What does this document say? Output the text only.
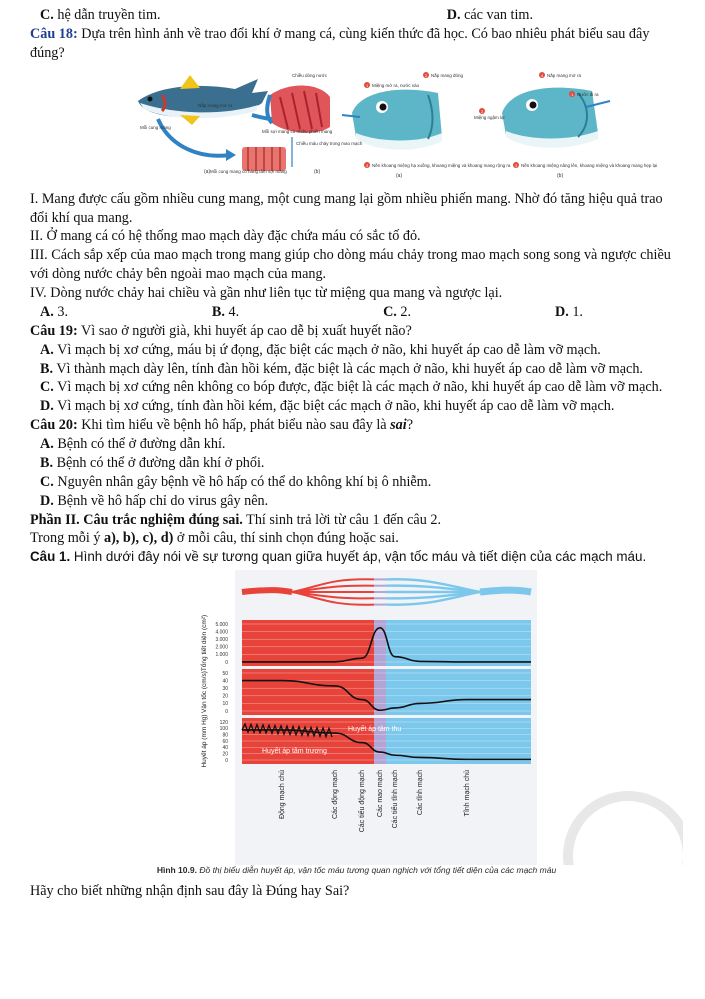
C. hệ dẫn truyền tim.	D. các van tim.
Câu 18: Dựa trên hình ảnh về trao đổi khí ở mang cá, cùng kiến thức đã học. Có bao nhiêu phát biểu sau đây đúng?
Chiều dòng nước
Nắp mang mở ra
Mỗi cung mang
Mỗi sợi mang có nhiều phiến mang
Chiều máu chảy trong mao mạch
Mỗi cung mang có hàng tấm sợi mang
(a)	(b)
2 Nắp mang đóng
1 Miệng mở ra, nước vào
3 Nền khoang miệng hạ xuống, khoang miệng và khoang mang rộng ra
(a)
4 Nắp mang mở ra
1 Nước đi ra
2
Miệng ngậm lại
3 Nền khoang miệng nâng lên, khoang miệng và khoang mang hẹp lại
(b)
I. Mang được cấu gồm nhiều cung mang, một cung mang lại gồm nhiều phiến mang. Nhờ đó tăng hiệu quả trao đổi khí qua mang.
II. Ở mang cá có hệ thống mao mạch dày đặc chứa máu có sắc tố đỏ.
III. Cách sắp xếp của mao mạch trong mang giúp cho dòng máu chảy trong mao mạch song song và ngược chiều với dòng nước chảy bên ngoài mao mạch của mang.
IV. Dòng nước chảy hai chiều và gần như liên tục từ miệng qua mang và ngược lại.
A. 3.	B. 4.	C. 2.	D. 1.
Câu 19: Vì sao ở người già, khi huyết áp cao dễ bị xuất huyết não?
A. Vì mạch bị xơ cứng, máu bị ứ đọng, đặc biệt các mạch ở não, khi huyết áp cao dễ làm vỡ mạch.
B. Vì thành mạch dày lên, tính đàn hồi kém, đặc biệt là các mạch ở não, khi huyết áp cao dễ làm vỡ mạch.
C. Vì mạch bị xơ cứng nên không co bóp được, đặc biệt là các mạch ở não, khi huyết áp cao dễ làm vỡ mạch.
D. Vì mạch bị xơ cứng, tính đàn hồi kém, đặc biệt các mạch ở não, khi huyết áp cao dễ làm vỡ mạch.
Câu 20: Khi tìm hiểu về bệnh hô hấp, phát biểu nào sau đây là sai?
A. Bệnh có thể ở đường dẫn khí.
B. Bệnh có thể ở đường dẫn khí ở phổi.
C. Nguyên nhân gây bệnh về hô hấp có thể do không khí bị ô nhiễm.
D. Bệnh về hô hấp chỉ do virus gây nên.
Phần II. Câu trắc nghiệm đúng sai. Thí sinh trả lời từ câu 1 đến câu 2.
Trong mỗi ý a), b), c), d) ở mỗi câu, thí sinh chọn đúng hoặc sai.
Câu 1. Hình dưới đây nói về sự tương quan giữa huyết áp, vận tốc máu và tiết diện của các mạch máu.
5.000
4.000
3.000
2.000
1.000
0
Tổng tiết diện (cm²)
50
40
30
20
10
0
Vận tốc (cm/s)
120
100
80
60
40
20
0
Huyết áp (mm Hg)	Huyết áp tâm thu
Huyết áp tâm trương
Động mạch chủ	Các động mạch	Các tiểu động mạch Các mao mạch Các tiểu tĩnh mạch	Các tĩnh mạch	Tĩnh mạch chủ
Hình 10.9. Đồ thị biểu diễn huyết áp, vận tốc máu tương quan nghịch với tổng tiết diện của các mạch máu
Hãy cho biết những nhận định sau đây là Đúng hay Sai?
